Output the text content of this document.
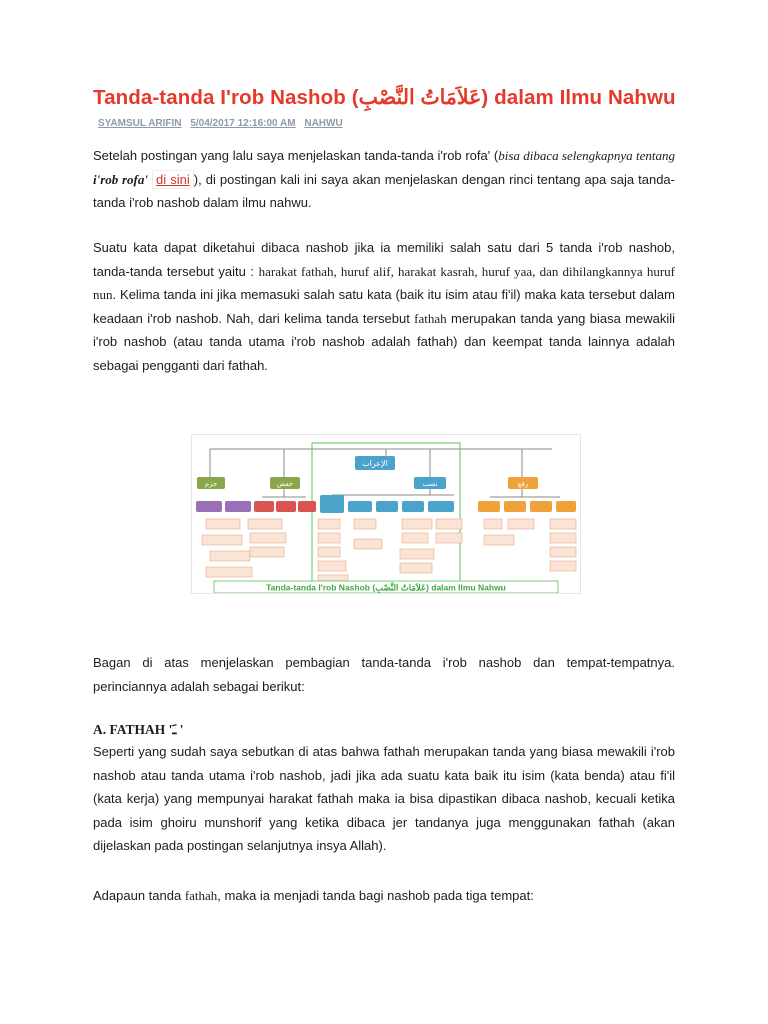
Tanda-tanda I'rob Nashob (عَلاَمَاتُ النَّصْبِ) dalam Ilmu Nahwu
SYAMSUL ARIFIN 5/04/2017 12:16:00 AM NAHWU
Setelah postingan yang lalu saya menjelaskan tanda-tanda i'rob rofa' (bisa dibaca selengkapnya tentang i'rob rofa' di sini ), di postingan kali ini saya akan menjelaskan dengan rinci tentang apa saja tanda-tanda i'rob nashob dalam ilmu nahwu.
Suatu kata dapat diketahui dibaca nashob jika ia memiliki salah satu dari 5 tanda i'rob nashob, tanda-tanda tersebut yaitu : harakat fathah, huruf alif, harakat kasrah, huruf yaa, dan dihilangkannya huruf nun. Kelima tanda ini jika memasuki salah satu kata (baik itu isim atau fi'il) maka kata tersebut dalam keadaan i'rob nashob. Nah, dari kelima tanda tersebut fathah merupakan tanda yang biasa mewakili i'rob nashob (atau tanda utama i'rob nashob adalah fathah) dan keempat tanda lainnya adalah sebagai pengganti dari fathah.
الإعراب
جزم	خفض	نصب	رفع
Tanda-tanda I'rob Nashob (عَلاَمَاتُ النَّصْبِ) dalam Ilmu Nahwu
Bagan di atas menjelaskan pembagian tanda-tanda i'rob nashob dan tempat-tempatnya. perinciannya adalah sebagai berikut:
A. FATHAH 'ـَ '
Seperti yang sudah saya sebutkan di atas bahwa fathah merupakan tanda yang biasa mewakili i'rob nashob atau tanda utama i'rob nashob, jadi jika ada suatu kata baik itu isim (kata benda) atau fi'il (kata kerja) yang mempunyai harakat fathah maka ia bisa dipastikan dibaca nashob, kecuali ketika pada isim ghoiru munshorif yang ketika dibaca jer tandanya juga menggunakan fathah (akan dijelaskan pada postingan selanjutnya insya Allah).
Adapaun tanda fathah, maka ia menjadi tanda bagi nashob pada tiga tempat:
